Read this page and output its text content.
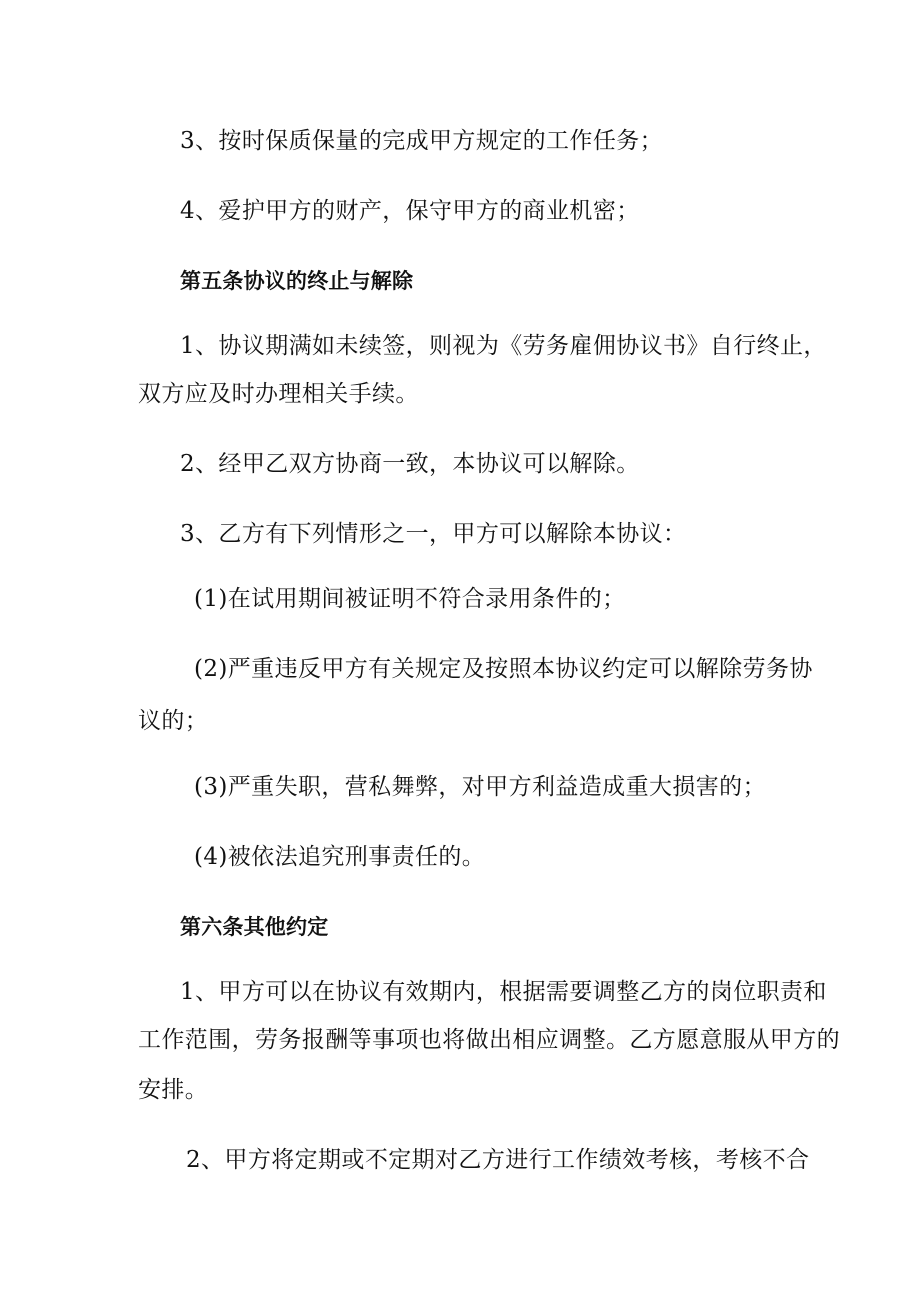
3、按时保质保量的完成甲方规定的工作任务；
4、爱护甲方的财产，保守甲方的商业机密；
第五条协议的终止与解除
1、协议期满如未续签，则视为《劳务雇佣协议书》自行终止，
双方应及时办理相关手续。
2、经甲乙双方协商一致，本协议可以解除。
3、乙方有下列情形之一，甲方可以解除本协议：
(1)在试用期间被证明不符合录用条件的；
(2)严重违反甲方有关规定及按照本协议约定可以解除劳务协
议的；
(3)严重失职，营私舞弊，对甲方利益造成重大损害的；
(4)被依法追究刑事责任的。
第六条其他约定
1、甲方可以在协议有效期内，根据需要调整乙方的岗位职责和
工作范围，劳务报酬等事项也将做出相应调整。乙方愿意服从甲方的
安排。
2、甲方将定期或不定期对乙方进行工作绩效考核，考核不合
